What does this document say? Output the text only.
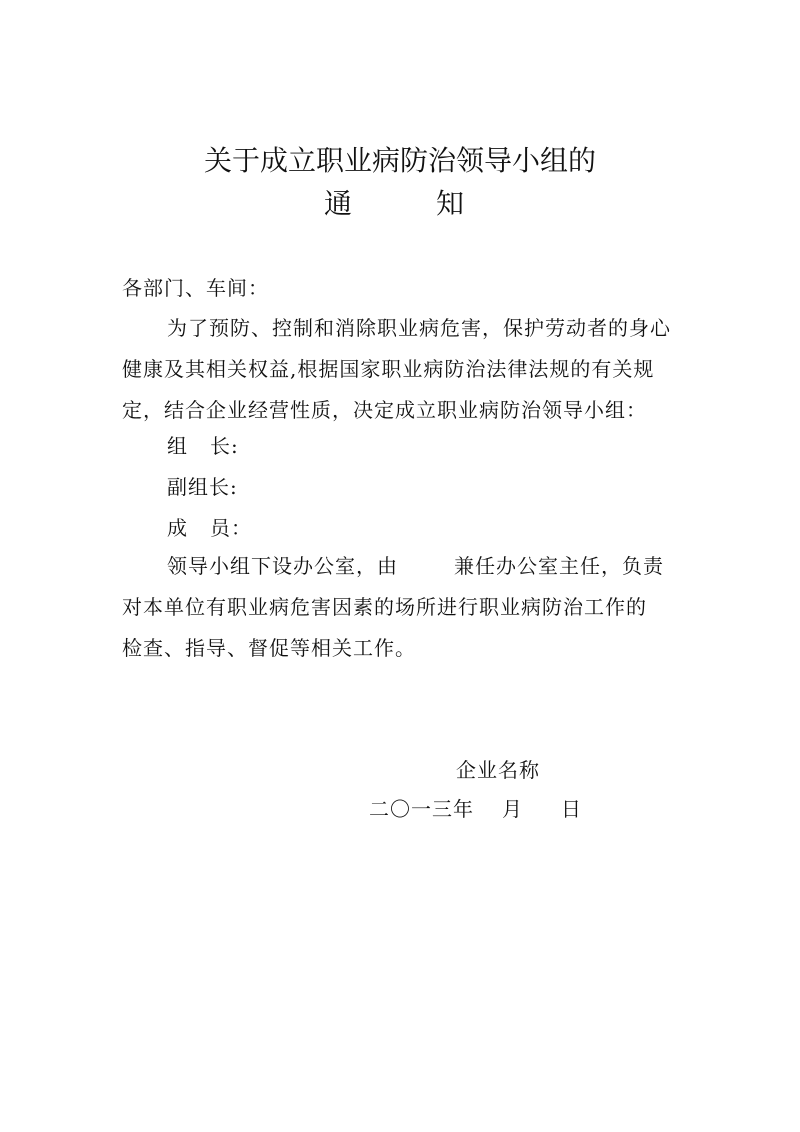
关于成立职业病防治领导小组的
通	知
各部门、车间：
为了预防、控制和消除职业病危害，保护劳动者的身心
健康及其相关权益,根据国家职业病防治法律法规的有关规
定，结合企业经营性质，决定成立职业病防治领导小组：
组 长:
副组长:
成 员：
领导小组下设办公室，由	兼任办公室主任，负责
对本单位有职业病危害因素的场所进行职业病防治工作的
检查、指导、督促等相关工作。
企业名称
二〇一三年 月 日
